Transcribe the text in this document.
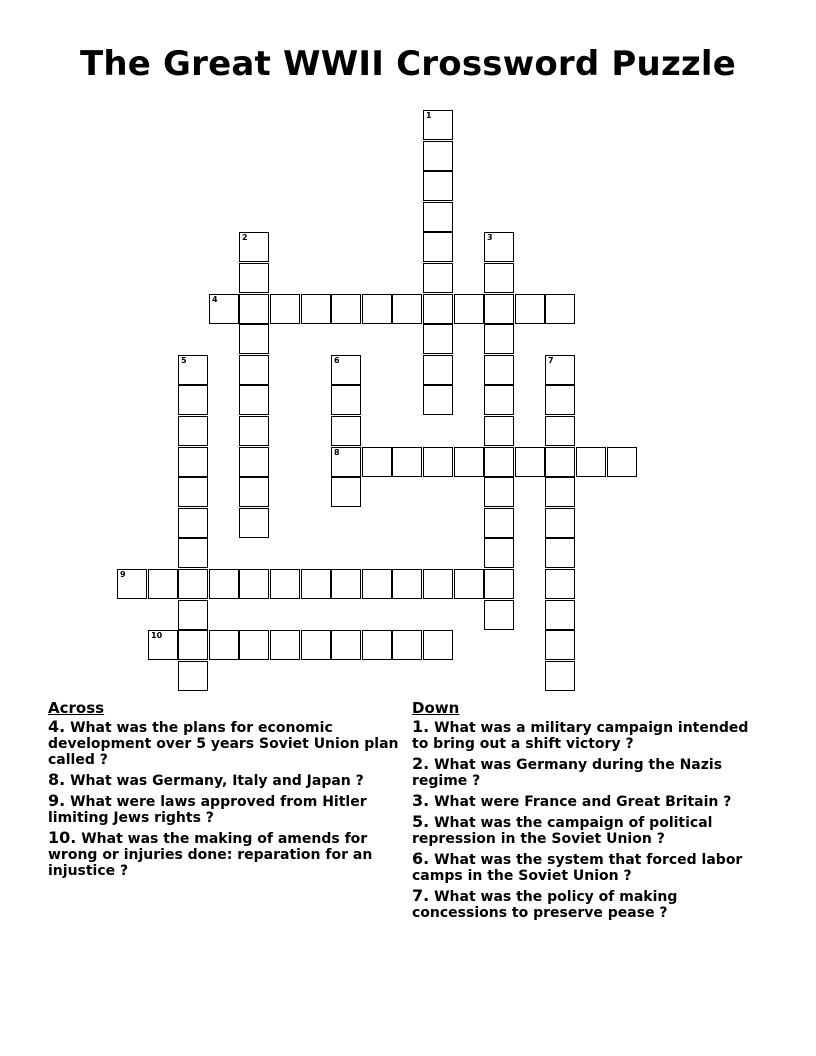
The Great WWII Crossword Puzzle
1
2	3
4
5	6
8
7
9
10
Across
4. What was the plans for economic development over 5 years Soviet Union plan called ?
8. What was Germany, Italy and Japan ?
9. What were laws approved from Hitler limiting Jews rights ?
10. What was the making of amends for wrong or injuries done: reparation for an injustice ?
Down
1. What was a military campaign intended to bring out a shift victory ?
2. What was Germany during the Nazis regime ?
3. What were France and Great Britain ?
5. What was the campaign of political repression in the Soviet Union ?
6. What was the system that forced labor camps in the Soviet Union ?
7. What was the policy of making concessions to preserve pease ?
